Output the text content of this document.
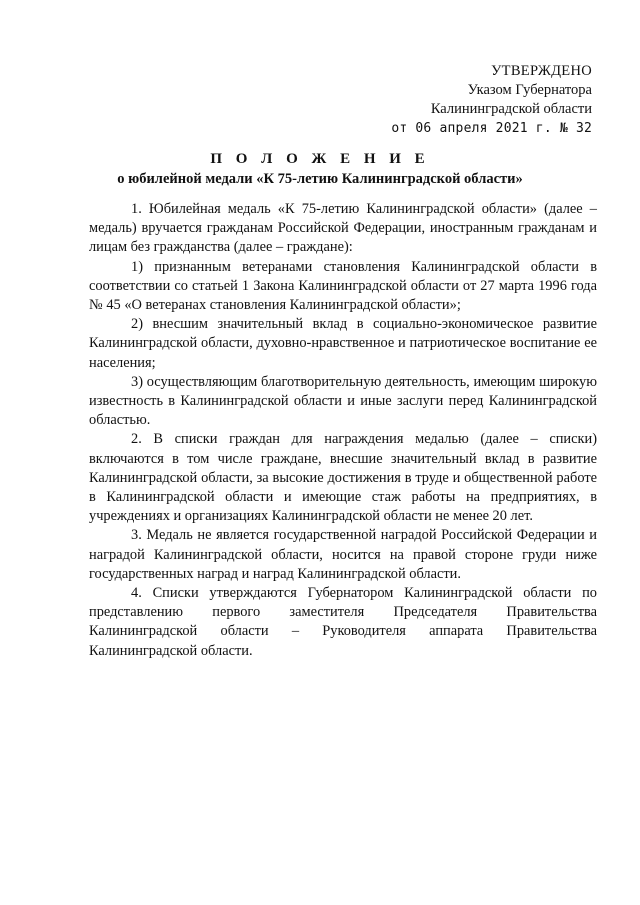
УТВЕРЖДЕНО
Указом Губернатора
Калининградской области
от 06 апреля 2021 г. № 32
П О Л О Ж Е Н И Е
о юбилейной медали «К 75-летию Калининградской области»

1. Юбилейная медаль «К 75-летию Калининградской области» (далее – медаль) вручается гражданам Российской Федерации, иностранным гражданам и лицам без гражданства (далее – граждане):

1) признанным ветеранами становления Калининградской области в соответствии со статьей 1 Закона Калининградской области от 27 марта 1996 года № 45 «О ветеранах становления Калининградской области»;

2) внесшим значительный вклад в социально-экономическое развитие Калининградской области, духовно-нравственное и патриотическое воспитание ее населения;

3) осуществляющим благотворительную деятельность, имеющим широкую известность в Калининградской области и иные заслуги перед Калининградской областью.

2. В списки граждан для награждения медалью (далее – списки) включаются в том числе граждане, внесшие значительный вклад в развитие Калининградской области, за высокие достижения в труде и общественной работе в Калининградской области и имеющие стаж работы на предприятиях, в учреждениях и организациях Калининградской области не менее 20 лет.

3. Медаль не является государственной наградой Российской Федерации и наградой Калининградской области, носится на правой стороне груди ниже государственных наград и наград Калининградской области.

4. Списки утверждаются Губернатором Калининградской области по представлению первого заместителя Председателя Правительства Калининградской области – Руководителя аппарата Правительства Калининградской области.
